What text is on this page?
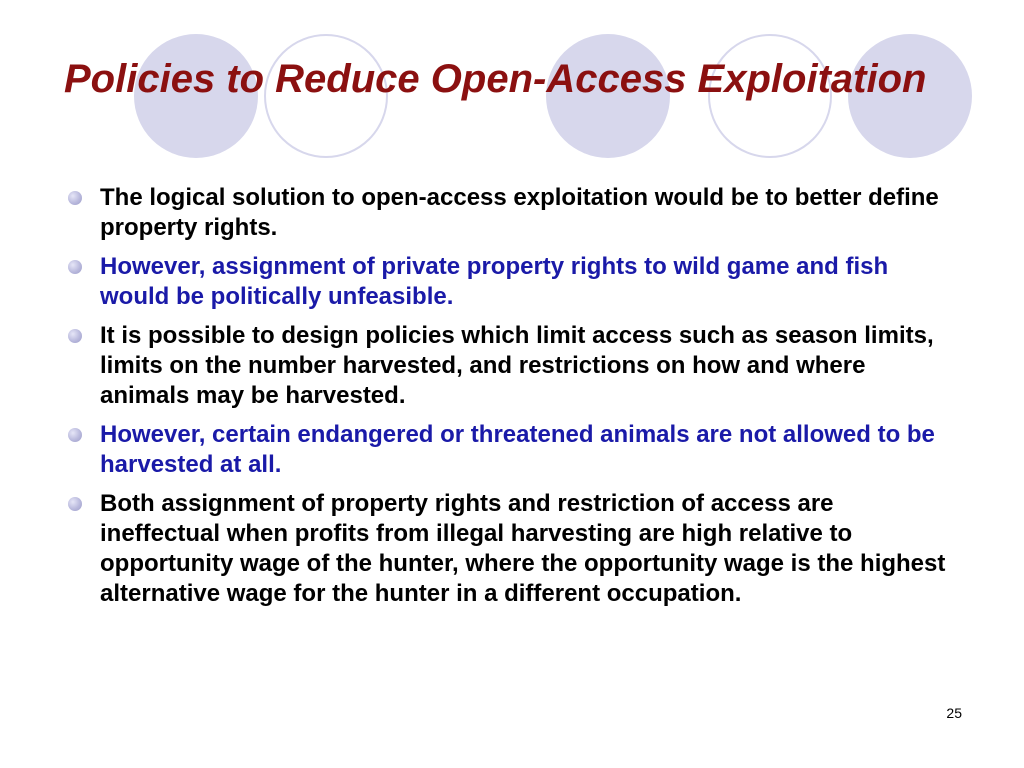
Policies to Reduce Open-Access Exploitation
The logical solution to open-access exploitation would be to better define property rights.
However, assignment of private property rights to wild game and fish would be politically unfeasible.
It is possible to design policies which limit access such as season limits, limits on the number harvested, and restrictions on how and where animals may be harvested.
However, certain endangered or threatened animals are not allowed to be harvested at all.
Both assignment of property rights and restriction of access are ineffectual when profits from illegal harvesting are high relative to opportunity wage of the hunter, where the opportunity wage is the highest alternative wage for the hunter in a different occupation.
25
